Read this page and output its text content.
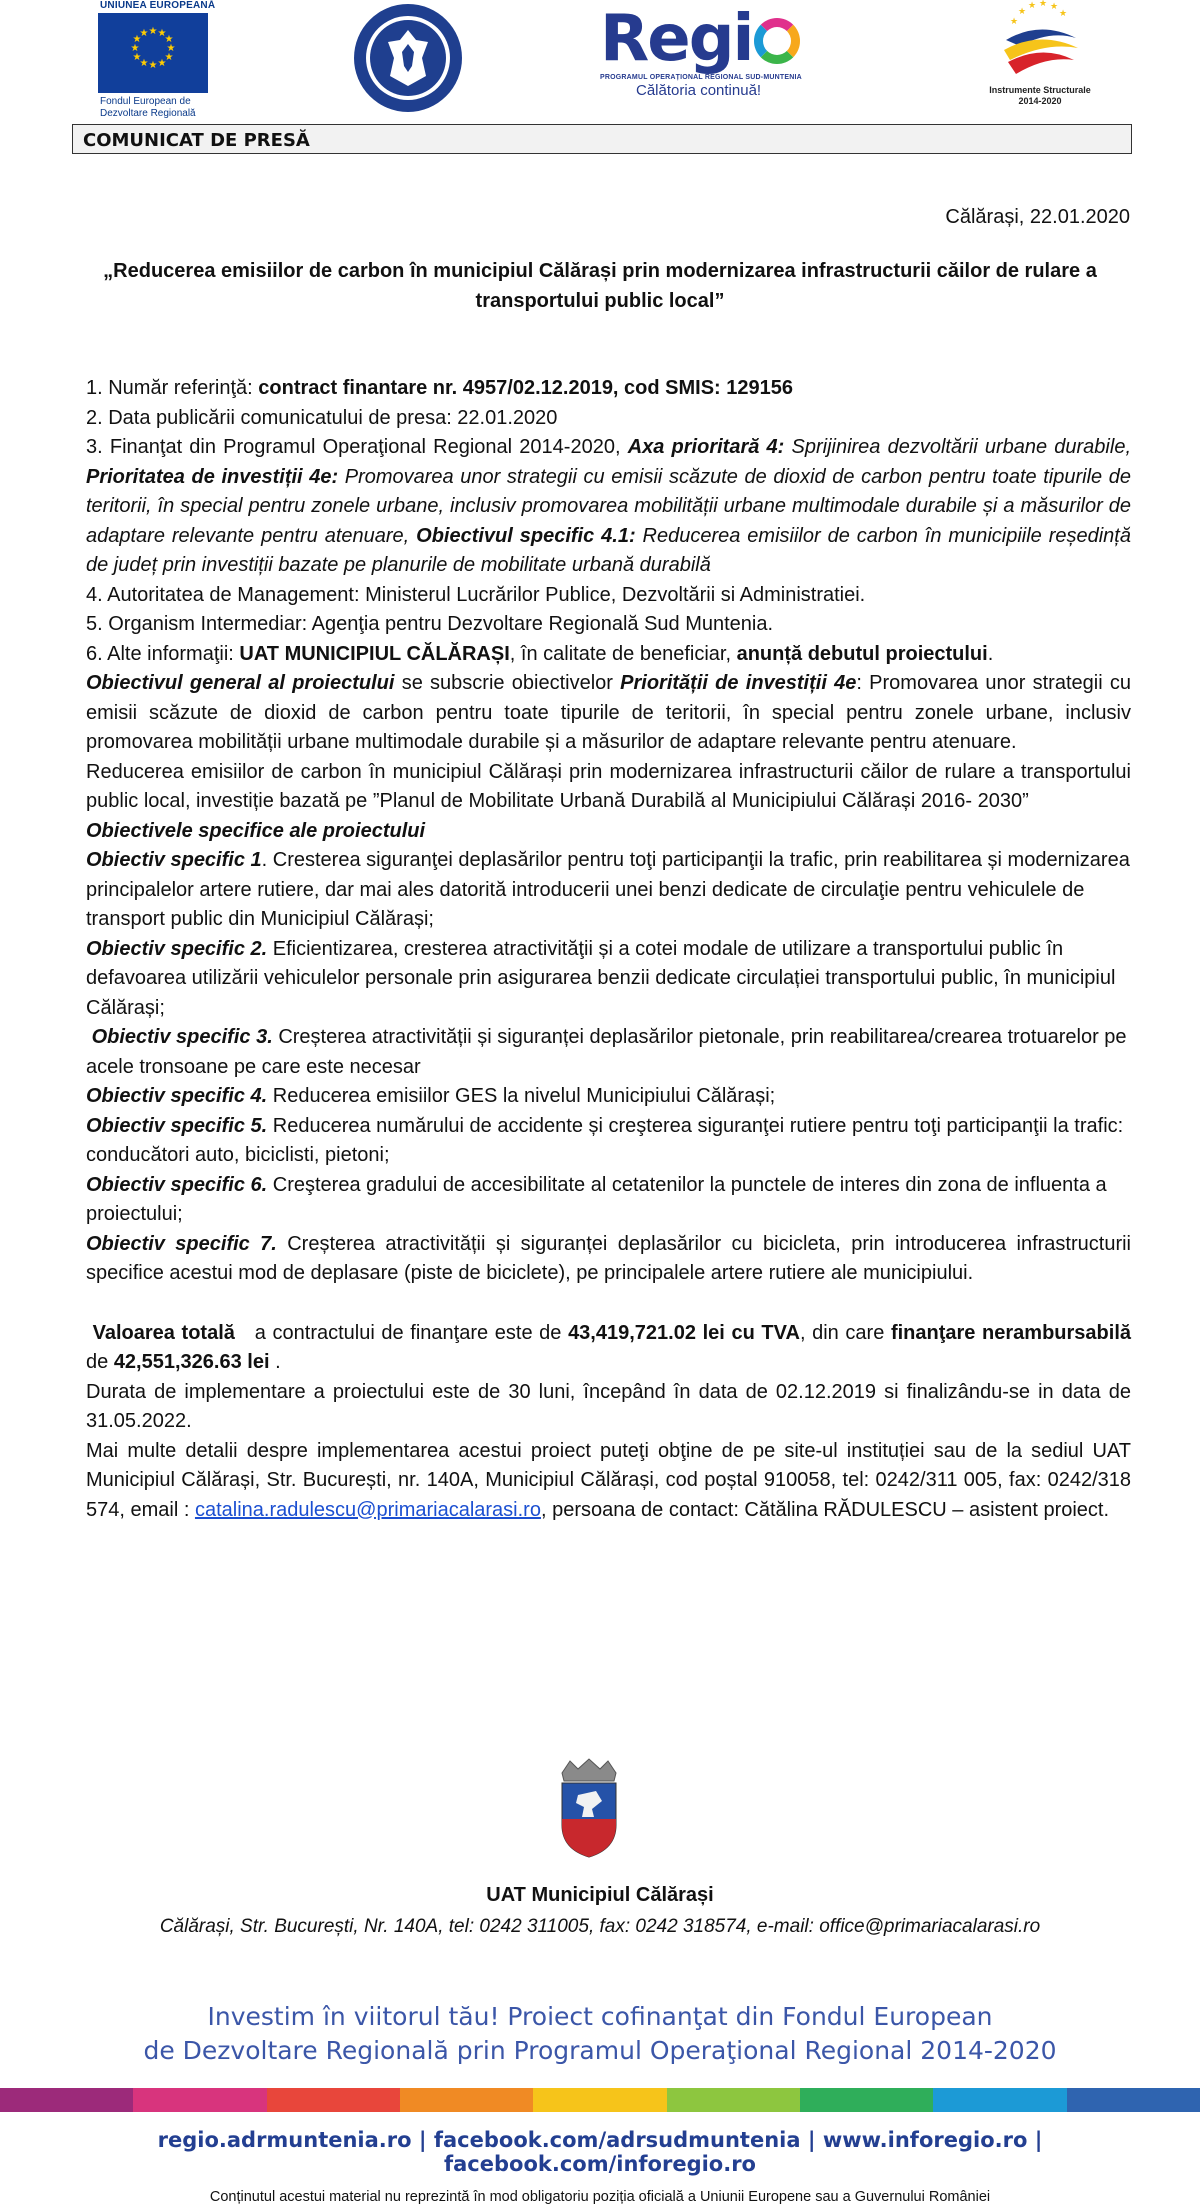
UNIUNEA EUROPEANĂ
★ ★
★
★
★
★
★
★
★
★
★
★
Fondul European de
Dezvoltare Regională
Regi
PROGRAMUL OPERAȚIONAL REGIONAL SUD-MUNTENIA
Călătoria continuă!
★
★ ★ ★
★
★
Instrumente Structurale
2014-2020
COMUNICAT DE PRESĂ
Călărași, 22.01.2020
„Reducerea emisiilor de carbon în municipiul Călărași prin modernizarea infrastructurii căilor de rulare a transportului public local”

1. Număr referinţă: contract finantare nr. 4957/02.12.2019, cod SMIS: 129156

2. Data publicării comunicatului de presa: 22.01.2020

3. Finanţat din Programul Operaţional Regional 2014-2020, Axa prioritară 4: Sprijinirea dezvoltării urbane durabile, Prioritatea de investiții 4e: Promovarea unor strategii cu emisii scăzute de dioxid de carbon pentru toate tipurile de teritorii, în special pentru zonele urbane, inclusiv promovarea mobilității urbane multimodale durabile și a măsurilor de adaptare relevante pentru atenuare, Obiectivul specific 4.1: Reducerea emisiilor de carbon în municipiile reședință de județ prin investiții bazate pe planurile de mobilitate urbană durabilă

4. Autoritatea de Management: Ministerul Lucrărilor Publice, Dezvoltării si Administratiei.

5. Organism Intermediar: Agenţia pentru Dezvoltare Regională Sud Muntenia.

6. Alte informaţii: UAT MUNICIPIUL CĂLĂRAȘI, în calitate de beneficiar, anunță debutul proiectului.

Obiectivul general al proiectului se subscrie obiectivelor Priorității de investiții 4e: Promovarea unor strategii cu emisii scăzute de dioxid de carbon pentru toate tipurile de teritorii, în special pentru zonele urbane, inclusiv promovarea mobilității urbane multimodale durabile și a măsurilor de adaptare relevante pentru atenuare.

Reducerea emisiilor de carbon în municipiul Călărași prin modernizarea infrastructurii căilor de rulare a transportului public local, investiție bazată pe ”Planul de Mobilitate Urbană Durabilă al Municipiului Călărași 2016- 2030”

Obiectivele specifice ale proiectului

Obiectiv specific 1. Cresterea siguranţei deplasărilor pentru toţi participanţii la trafic, prin reabilitarea și modernizarea principalelor artere rutiere, dar mai ales datorită introducerii unei benzi dedicate de circulaţie pentru vehiculele de transport public din Municipiul Călărași;

Obiectiv specific 2. Eficientizarea, cresterea atractivităţii și a cotei modale de utilizare a transportului public în defavoarea utilizării vehiculelor personale prin asigurarea benzii dedicate circulației transportului public, în municipiul Călărași;

Obiectiv specific 3. Creșterea atractivității și siguranței deplasărilor pietonale, prin reabilitarea/crearea trotuarelor pe acele tronsoane pe care este necesar

Obiectiv specific 4. Reducerea emisiilor GES la nivelul Municipiului Călărași;

Obiectiv specific 5. Reducerea numărului de accidente și creşterea siguranţei rutiere pentru toţi participanţii la trafic: conducători auto, biciclisti, pietoni;

Obiectiv specific 6. Creşterea gradului de accesibilitate al cetatenilor la punctele de interes din zona de influenta a proiectului;

Obiectiv specific 7. Creșterea atractivității și siguranței deplasărilor cu bicicleta, prin introducerea infrastructurii specifice acestui mod de deplasare (piste de biciclete), pe principalele artere rutiere ale municipiului.

Valoarea totală   a contractului de finanţare este de 43,419,721.02 lei cu TVA, din care finanţare nerambursabilă de 42,551,326.63 lei .

Durata de implementare a proiectului este de 30 luni, începând în data de 02.12.2019 si finalizându-se in data de 31.05.2022.

Mai multe detalii despre implementarea acestui proiect puteţi obţine de pe site-ul instituției sau de la sediul UAT Municipiul Călărași, Str. București, nr. 140A, Municipiul Călărași, cod poștal 910058, tel: 0242/311 005, fax: 0242/318 574, email : catalina.radulescu@primariacalarasi.ro, persoana de contact: Cătălina RĂDULESCU – asistent proiect.

UAT Municipiul Călărași
Călărași, Str. București, Nr. 140A, tel: 0242 311005, fax: 0242 318574, e-mail: office@primariacalarasi.ro
Investim în viitorul tău! Proiect cofinanţat din Fondul European
de Dezvoltare Regională prin Programul Operaţional Regional 2014-2020
regio.adrmuntenia.ro | facebook.com/adrsudmuntenia | www.inforegio.ro | facebook.com/inforegio.ro
Conținutul acestui material nu reprezintă în mod obligatoriu poziția oficială a Uniunii Europene sau a Guvernului României
